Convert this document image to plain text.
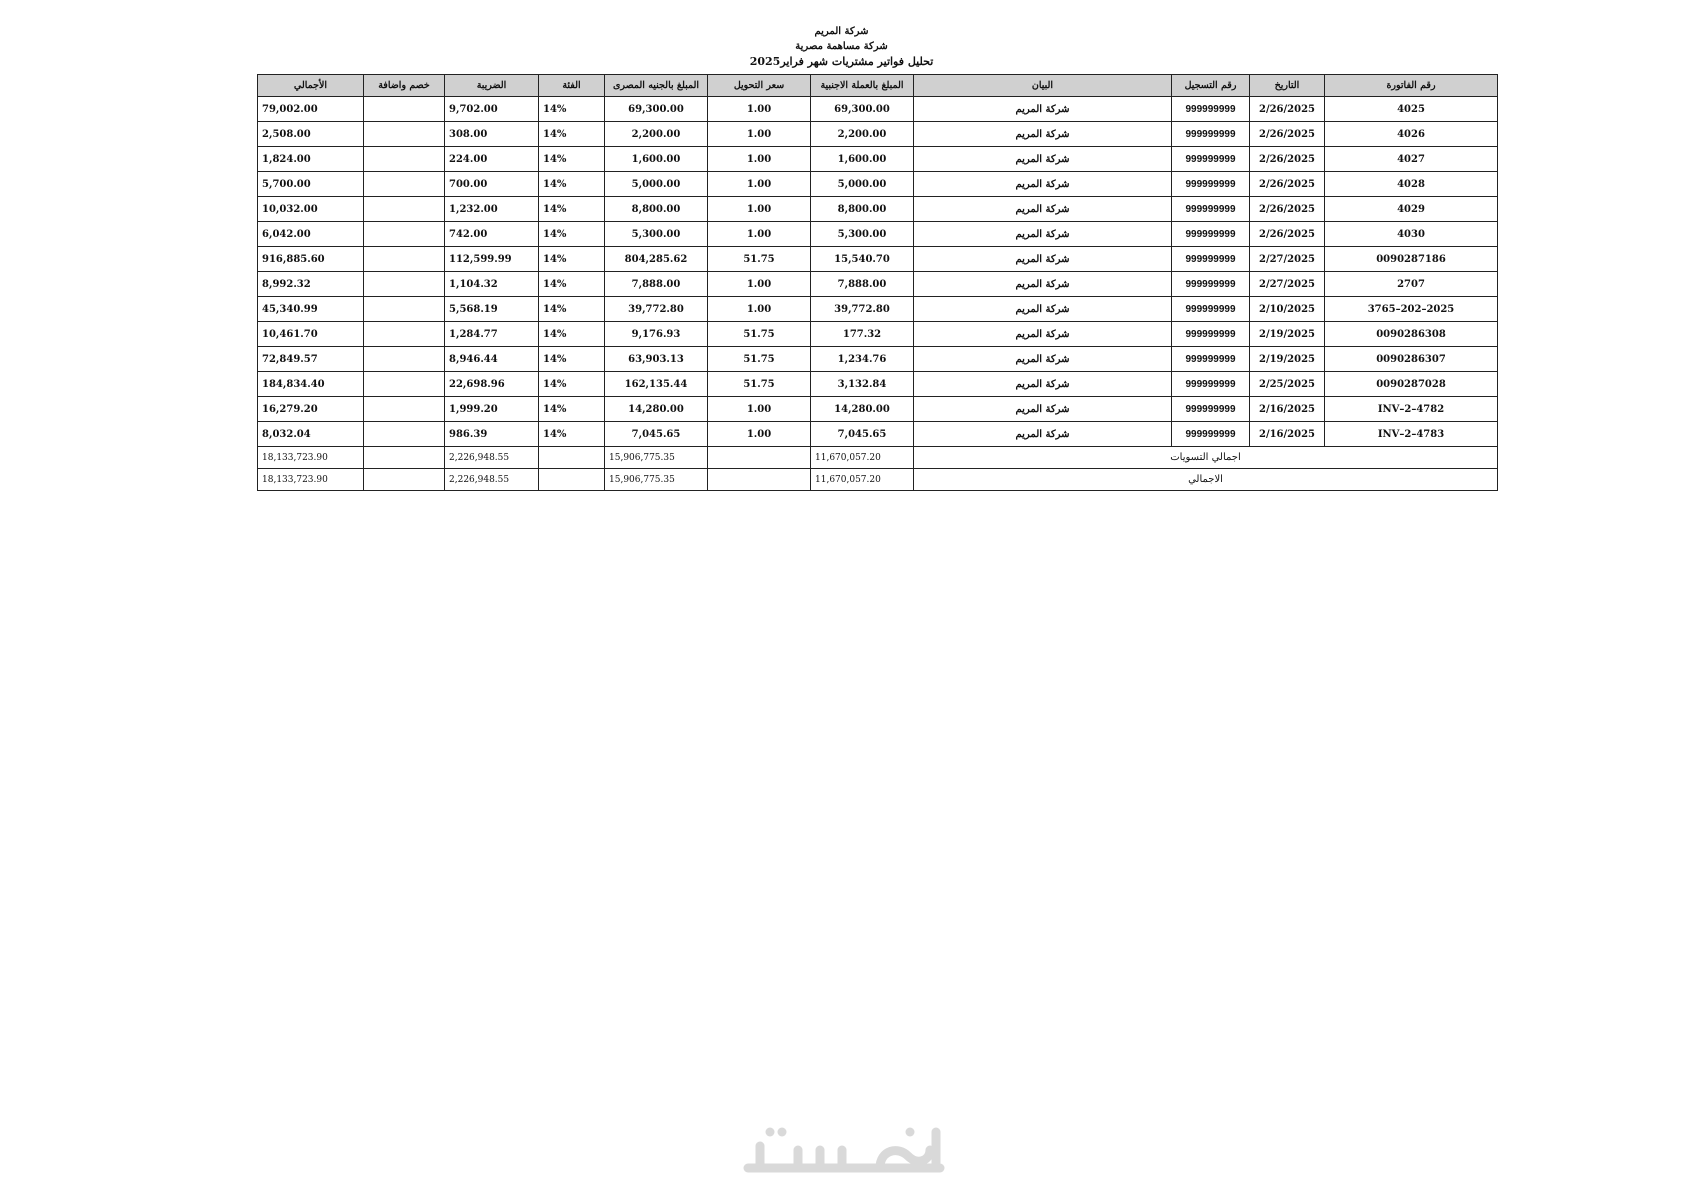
شركة المريم
شركة مساهمة مصرية
تحليل فواتير مشتريات شهر فراير2025
رقم الفاتورة	التاريخ	رقم التسجيل	البيان	المبلغ بالعملة الاجنبية	سعر التحويل	المبلغ بالجنيه المصرى	الفئة	الضريبة	خصم واضافة	الأجمالي
4025	2/26/2025	999999999	شركة المريم	69,300.00	1.00	69,300.00	14%	9,702.00		79,002.00
4026	2/26/2025	999999999	شركة المريم	2,200.00	1.00	2,200.00	14%	308.00		2,508.00
4027	2/26/2025	999999999	شركة المريم	1,600.00	1.00	1,600.00	14%	224.00		1,824.00
4028	2/26/2025	999999999	شركة المريم	5,000.00	1.00	5,000.00	14%	700.00		5,700.00
4029	2/26/2025	999999999	شركة المريم	8,800.00	1.00	8,800.00	14%	1,232.00		10,032.00
4030	2/26/2025	999999999	شركة المريم	5,300.00	1.00	5,300.00	14%	742.00		6,042.00
0090287186	2/27/2025	999999999	شركة المريم	15,540.70	51.75	804,285.62	14%	112,599.99		916,885.60
2707	2/27/2025	999999999	شركة المريم	7,888.00	1.00	7,888.00	14%	1,104.32		8,992.32
2025–202–3765	2/10/2025	999999999	شركة المريم	39,772.80	1.00	39,772.80	14%	5,568.19		45,340.99
0090286308	2/19/2025	999999999	شركة المريم	177.32	51.75	9,176.93	14%	1,284.77		10,461.70
0090286307	2/19/2025	999999999	شركة المريم	1,234.76	51.75	63,903.13	14%	8,946.44		72,849.57
0090287028	2/25/2025	999999999	شركة المريم	3,132.84	51.75	162,135.44	14%	22,698.96		184,834.40
INV–2–4782	2/16/2025	999999999	شركة المريم	14,280.00	1.00	14,280.00	14%	1,999.20		16,279.20
INV–2–4783	2/16/2025	999999999	شركة المريم	7,045.65	1.00	7,045.65	14%	986.39		8,032.04
اجمالي التسويات				11,670,057.20		15,906,775.35		2,226,948.55		18,133,723.90
الاجمالي				11,670,057.20		15,906,775.35		2,226,948.55		18,133,723.90
